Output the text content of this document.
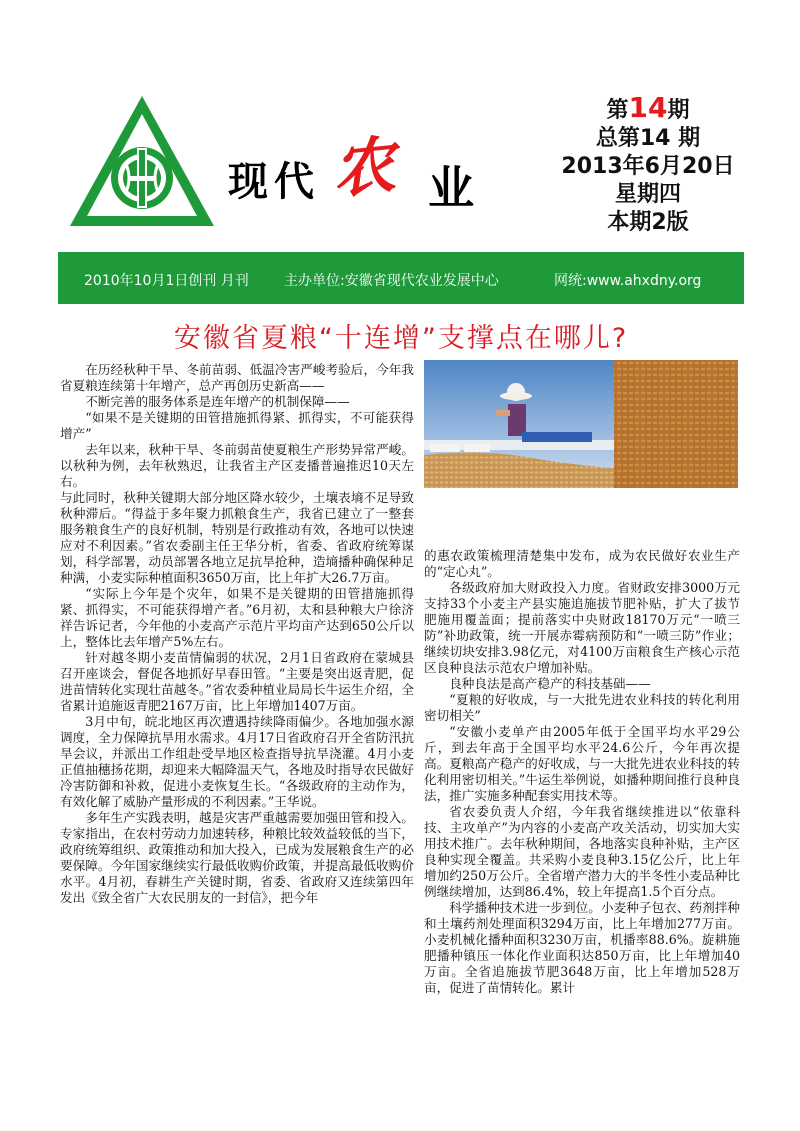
现代 农 业
第14期
总第14 期
2013年6月20日
星期四
本期2版
2010年10月1日创刊 月刊	主办单位:安徽省现代农业发展中心	网统:www.ahxdny.org
安徽省夏粮“十连增”支撑点在哪儿?

在历经秋种干旱、冬前苗弱、低温冷害严峻考验后，今年我省夏粮连续第十年增产，总产再创历史新高——

不断完善的服务体系是连年增产的机制保障——

“如果不是关键期的田管措施抓得紧、抓得实，不可能获得增产”

去年以来，秋种干旱、冬前弱苗使夏粮生产形势异常严峻。以秋种为例，去年秋熟迟，让我省主产区麦播普遍推迟10天左右。

与此同时，秋种关键期大部分地区降水较少，土壤表墒不足导致秋种滞后。“得益于多年聚力抓粮食生产，我省已建立了一整套服务粮食生产的良好机制，特别是行政推动有效，各地可以快速应对不利因素。”省农委副主任王华分析，省委、省政府统筹谋划，科学部署，动员部署各地立足抗旱抢种，造墒播种确保种足种满，小麦实际种植面积3650万亩，比上年扩大26.7万亩。

“实际上今年是个灾年，如果不是关键期的田管措施抓得紧、抓得实，不可能获得增产者。”6月初，太和县种粮大户徐济祥告诉记者，今年他的小麦高产示范片平均亩产达到650公斤以上，整体比去年增产5%左右。

针对越冬期小麦苗情偏弱的状况，2月1日省政府在蒙城县召开座谈会，督促各地抓好早春田管。“主要是突出返青肥，促进苗情转化实现壮苗越冬。”省农委种植业局局长牛运生介绍，全省累计追施返青肥2167万亩，比上年增加1407万亩。

3月中旬，皖北地区再次遭遇持续降雨偏少。各地加强水源调度，全力保障抗旱用水需求。4月17日省政府召开全省防汛抗旱会议，并派出工作组赴受旱地区检查指导抗旱浇灌。4月小麦正值抽穗扬花期，却迎来大幅降温天气，各地及时指导农民做好冷害防御和补救，促进小麦恢复生长。“各级政府的主动作为，有效化解了威胁产量形成的不利因素。”王华说。

多年生产实践表明，越是灾害严重越需要加强田管和投入。专家指出，在农村劳动力加速转移，种粮比较效益较低的当下，政府统筹组织、政策推动和加大投入，已成为发展粮食生产的必要保障。今年国家继续实行最低收购价政策，并提高最低收购价水平。4月初，春耕生产关键时期，省委、省政府又连续第四年发出《致全省广大农民朋友的一封信》，把今年

的惠农政策梳理清楚集中发布，成为农民做好农业生产的“定心丸”。

各级政府加大财政投入力度。省财政安排3000万元支持33个小麦主产县实施追施拔节肥补贴，扩大了拔节肥施用覆盖面；提前落实中央财政18170万元“一喷三防”补助政策，统一开展赤霉病预防和“一喷三防”作业；继续切块安排3.98亿元，对4100万亩粮食生产核心示范区良种良法示范农户增加补贴。

良种良法是高产稳产的科技基础——

“夏粮的好收成，与一大批先进农业科技的转化利用密切相关”

“安徽小麦单产由2005年低于全国平均水平29公斤，到去年高于全国平均水平24.6公斤，今年再次提高。夏粮高产稳产的好收成，与一大批先进农业科技的转化利用密切相关。”牛运生举例说，如播种期间推行良种良法，推广实施多种配套实用技术等。

省农委负责人介绍，今年我省继续推进以“依靠科技、主攻单产”为内容的小麦高产攻关活动，切实加大实用技术推广。去年秋种期间，各地落实良种补贴，主产区良种实现全覆盖。共采购小麦良种3.15亿公斤，比上年增加约250万公斤。全省增产潜力大的半冬性小麦品种比例继续增加，达到86.4%，较上年提高1.5个百分点。

科学播种技术进一步到位。小麦种子包衣、药剂拌种和土壤药剂处理面积3294万亩，比上年增加277万亩。小麦机械化播种面积3230万亩，机播率88.6%。旋耕施肥播种镇压一体化作业面积达850万亩，比上年增加40万亩。全省追施拔节肥3648万亩，比上年增加528万亩，促进了苗情转化。累计
